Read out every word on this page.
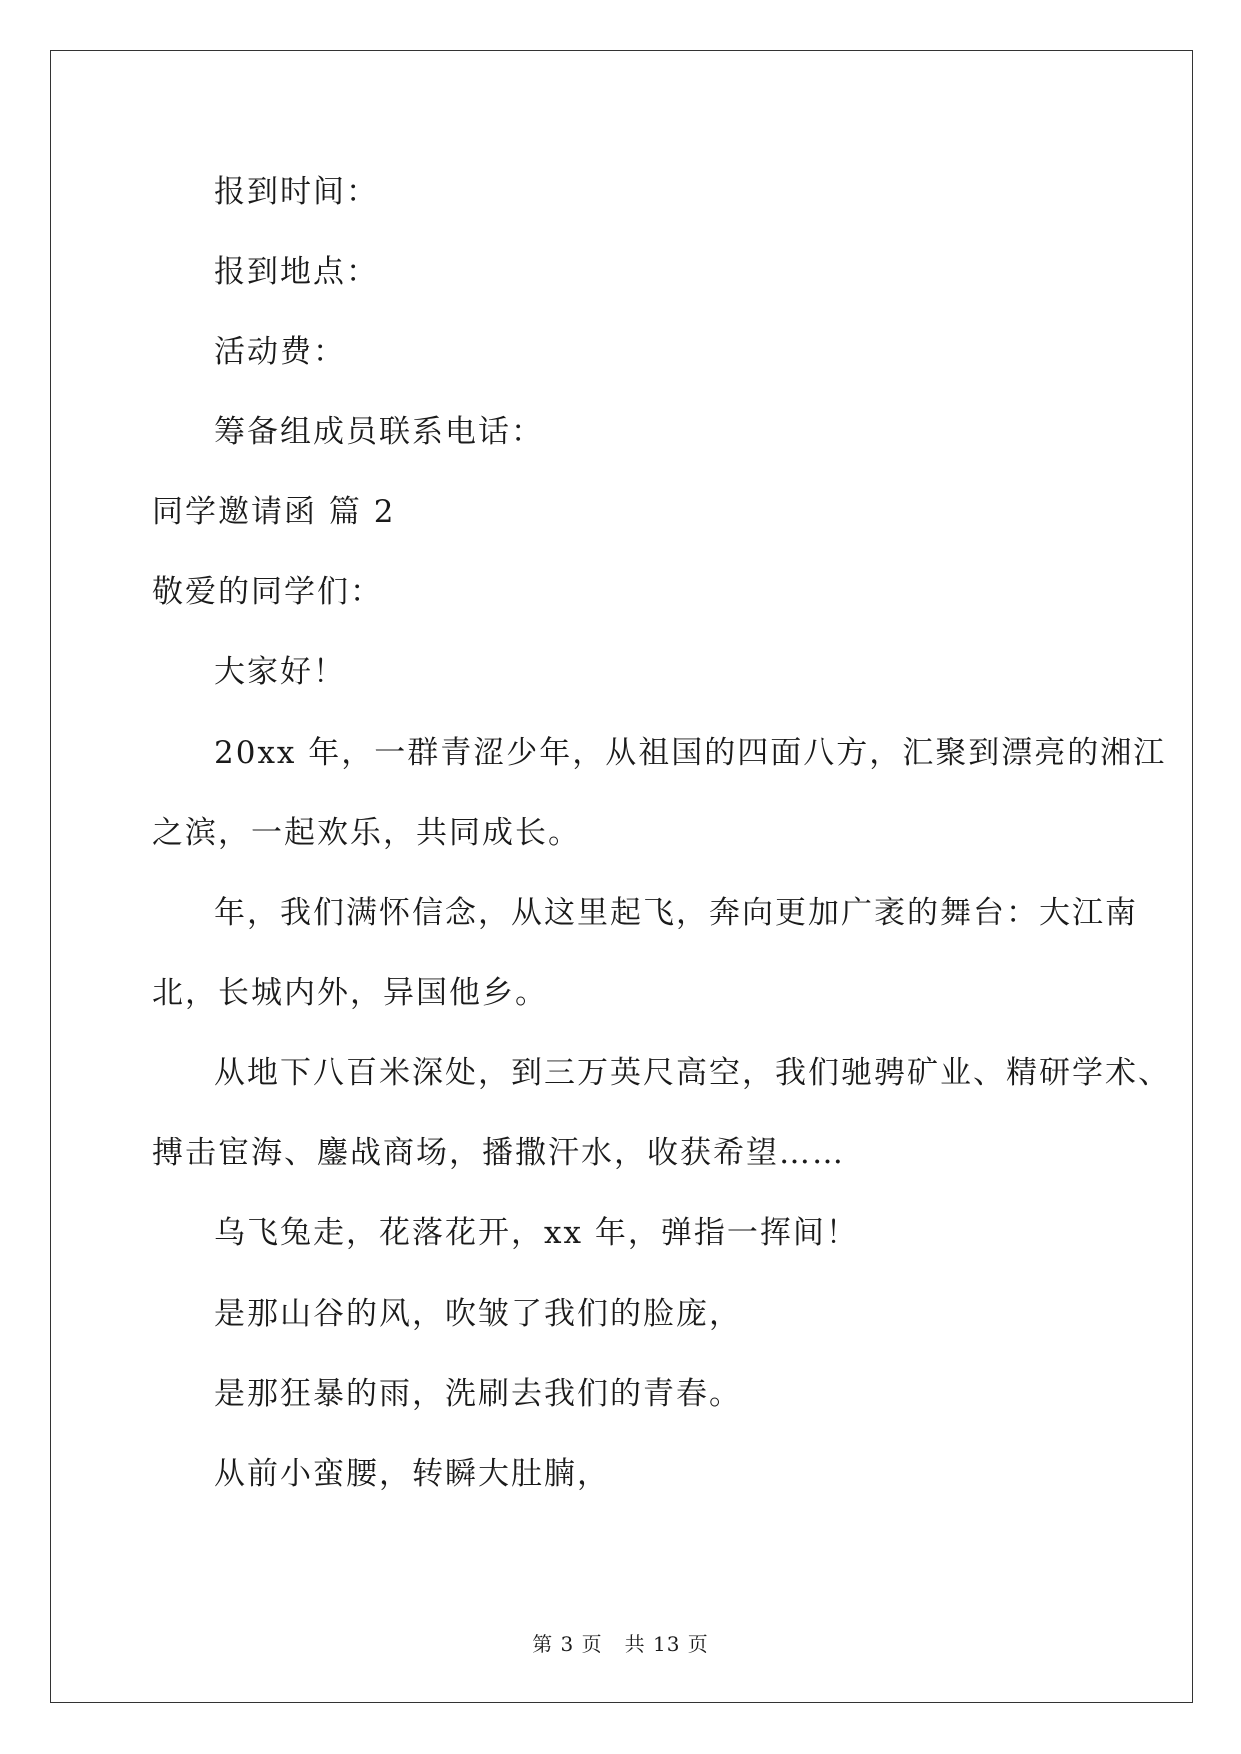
报到时间：
报到地点：
活动费：
筹备组成员联系电话：
同学邀请函 篇 2
敬爱的同学们：
大家好！
20xx 年，一群青涩少年，从祖国的四面八方，汇聚到漂亮的湘江
之滨，一起欢乐，共同成长。
年，我们满怀信念，从这里起飞，奔向更加广袤的舞台：大江南
北，长城内外，异国他乡。
从地下八百米深处，到三万英尺高空，我们驰骋矿业、精研学术、
搏击宦海、鏖战商场，播撒汗水，收获希望……
乌飞兔走，花落花开，xx 年，弹指一挥间！
是那山谷的风，吹皱了我们的脸庞，
是那狂暴的雨，洗刷去我们的青春。
从前小蛮腰，转瞬大肚腩，
第 3 页 共 13 页
